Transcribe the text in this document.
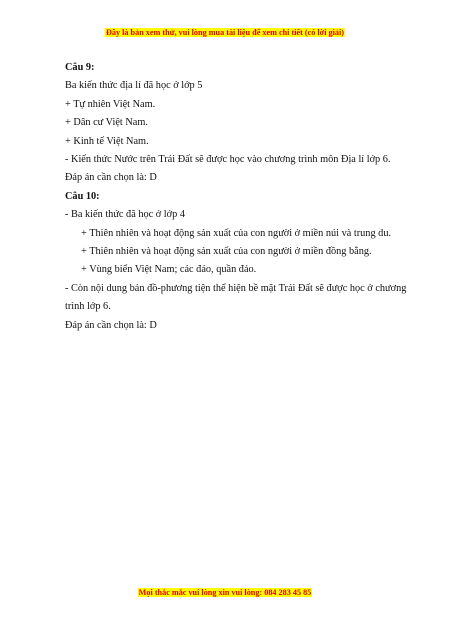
Đây là bản xem thử, vui lòng mua tài liệu để xem chi tiết (có lời giải)

Câu 9:

Ba kiến thức địa lí đã học ở lớp 5

+ Tự nhiên Việt Nam.

+ Dân cư Việt Nam.

+ Kinh tế Việt Nam.

- Kiến thức Nước trên Trái Đất sẽ được học vào chương trình môn Địa lí lớp 6.

Đáp án cần chọn là: D

Câu 10:

- Ba kiến thức đã học ở lớp 4

+ Thiên nhiên và hoạt động sản xuất của con người ở miền núi và trung du.

+ Thiên nhiên và hoạt động sản xuất của con người ở miền đồng bằng.

+ Vùng biển Việt Nam; các đảo, quần đảo.

- Còn nội dung bản đồ-phương tiện thể hiện bề mặt Trái Đất sẽ được học ở chương trình lớp 6.

Đáp án cần chọn là: D

Mọi thắc mắc vui lòng xin vui lòng: 084 283 45 85
